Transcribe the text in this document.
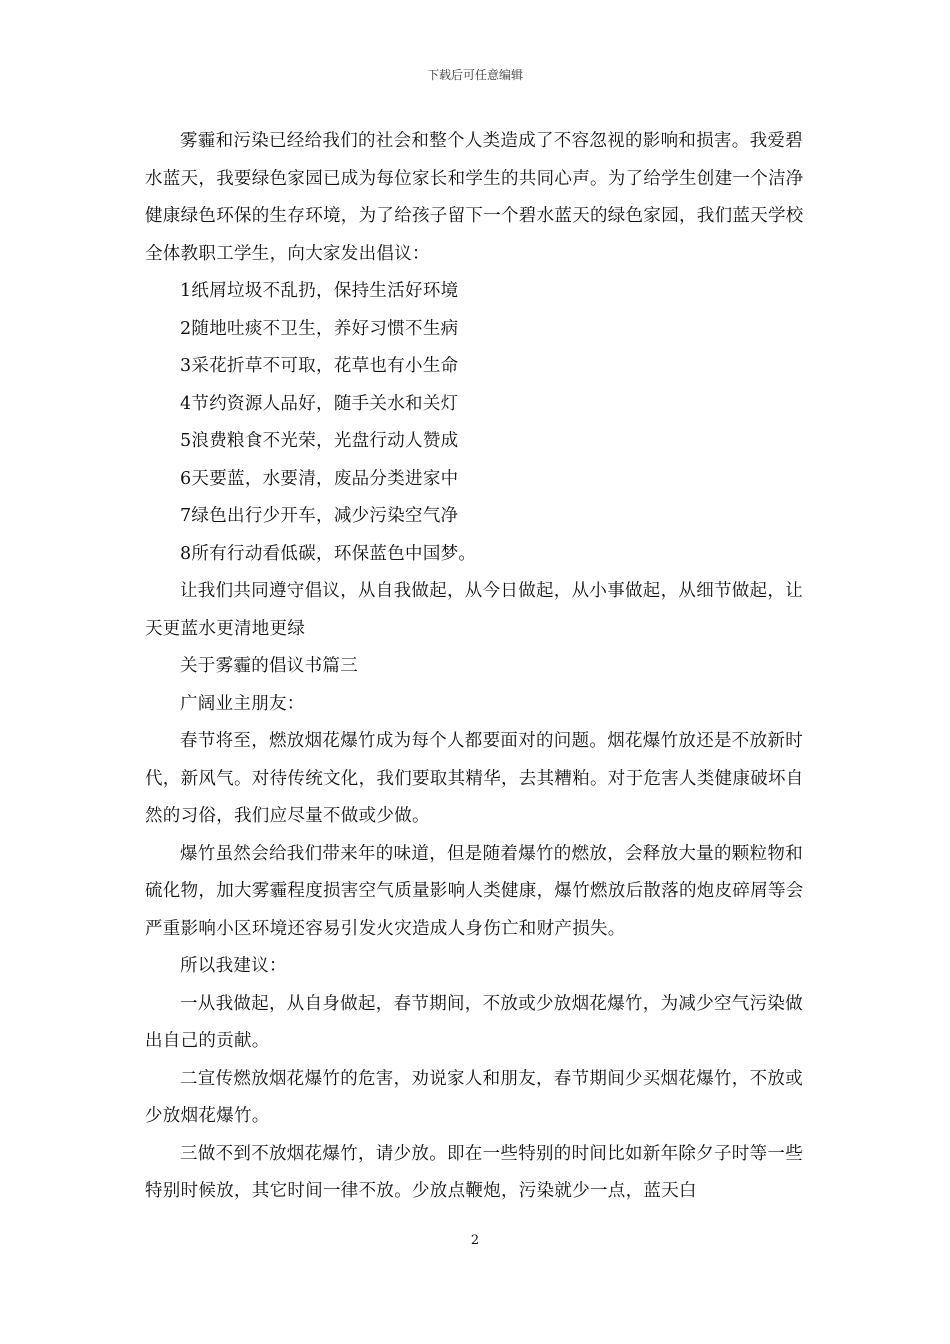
下载后可任意编辑

雾霾和污染已经给我们的社会和整个人类造成了不容忽视的影响和损害。我爱碧水蓝天，我要绿色家园已成为每位家长和学生的共同心声。为了给学生创建一个洁净健康绿色环保的生存环境，为了给孩子留下一个碧水蓝天的绿色家园，我们蓝天学校全体教职工学生，向大家发出倡议：

1纸屑垃圾不乱扔，保持生活好环境

2随地吐痰不卫生，养好习惯不生病

3采花折草不可取，花草也有小生命

4节约资源人品好，随手关水和关灯

5浪费粮食不光荣，光盘行动人赞成

6天要蓝，水要清，废品分类进家中

7绿色出行少开车，减少污染空气净

8所有行动看低碳，环保蓝色中国梦。

让我们共同遵守倡议，从自我做起，从今日做起，从小事做起，从细节做起，让天更蓝水更清地更绿

关于雾霾的倡议书篇三

广阔业主朋友：

春节将至，燃放烟花爆竹成为每个人都要面对的问题。烟花爆竹放还是不放新时代，新风气。对待传统文化，我们要取其精华，去其糟粕。对于危害人类健康破坏自然的习俗，我们应尽量不做或少做。

爆竹虽然会给我们带来年的味道，但是随着爆竹的燃放，会释放大量的颗粒物和硫化物，加大雾霾程度损害空气质量影响人类健康，爆竹燃放后散落的炮皮碎屑等会严重影响小区环境还容易引发火灾造成人身伤亡和财产损失。

所以我建议：

一从我做起，从自身做起，春节期间，不放或少放烟花爆竹，为减少空气污染做出自己的贡献。

二宣传燃放烟花爆竹的危害，劝说家人和朋友，春节期间少买烟花爆竹，不放或少放烟花爆竹。

三做不到不放烟花爆竹，请少放。即在一些特别的时间比如新年除夕子时等一些特别时候放，其它时间一律不放。少放点鞭炮，污染就少一点，蓝天白

2
